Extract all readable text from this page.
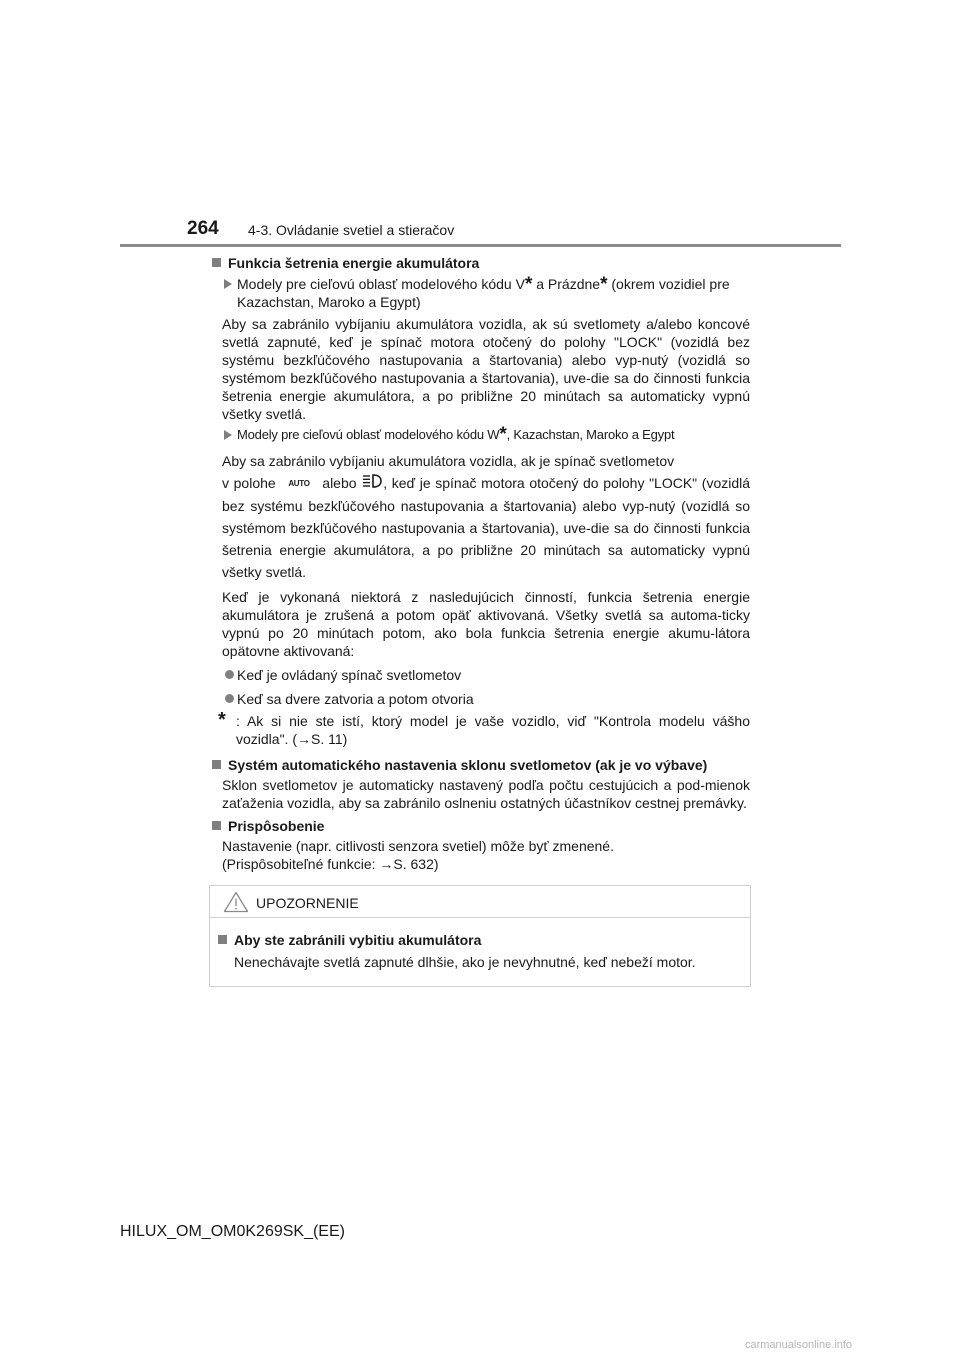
264 4-3. Ovládanie svetiel a stieračov

Funkcia šetrenia energie akumulátora

Modely pre cieľovú oblasť modelového kódu V* a Prázdne* (okrem vozidiel pre Kazachstan, Maroko a Egypt)

Aby sa zabránilo vybíjaniu akumulátora vozidla, ak sú svetlomety a/alebo koncové svetlá zapnuté, keď je spínač motora otočený do polohy "LOCK" (vozidlá bez systému bezkľúčového nastupovania a štartovania) alebo vyp-nutý (vozidlá so systémom bezkľúčového nastupovania a štartovania), uve-die sa do činnosti funkcia šetrenia energie akumulátora, a po približne 20 minútach sa automaticky vypnú všetky svetlá.

Modely pre cieľovú oblasť modelového kódu W*, Kazachstan, Maroko a Egypt

Aby sa zabránilo vybíjaniu akumulátora vozidla, ak je spínač svetlometov
v polohe AUTO alebo , keď je spínač motora otočený do polohy "LOCK" (vozidlá bez systému bezkľúčového nastupovania a štartovania) alebo vyp-nutý (vozidlá so systémom bezkľúčového nastupovania a štartovania), uve-die sa do činnosti funkcia šetrenia energie akumulátora, a po približne 20 minútach sa automaticky vypnú všetky svetlá.

Keď je vykonaná niektorá z nasledujúcich činností, funkcia šetrenia energie akumulátora je zrušená a potom opäť aktivovaná. Všetky svetlá sa automa-ticky vypnú po 20 minútach potom, ako bola funkcia šetrenia energie akumu-látora opätovne aktivovaná:

Keď je ovládaný spínač svetlometov

Keď sa dvere zatvoria a potom otvoria

* : Ak si nie ste istí, ktorý model je vaše vozidlo, viď "Kontrola modelu vášho vozidla". (→S. 11)

Systém automatického nastavenia sklonu svetlometov (ak je vo výbave)

Sklon svetlometov je automaticky nastavený podľa počtu cestujúcich a pod-mienok zaťaženia vozidla, aby sa zabránilo oslneniu ostatných účastníkov cestnej premávky.

Prispôsobenie

Nastavenie (napr. citlivosti senzora svetiel) môže byť zmenené.
(Prispôsobiteľné funkcie: →S. 632)

UPOZORNENIE

Aby ste zabránili vybitiu akumulátora

Nenechávajte svetlá zapnuté dlhšie, ako je nevyhnutné, keď nebeží motor.

HILUX_OM_OM0K269SK_(EE)
carmanualsonline.info
